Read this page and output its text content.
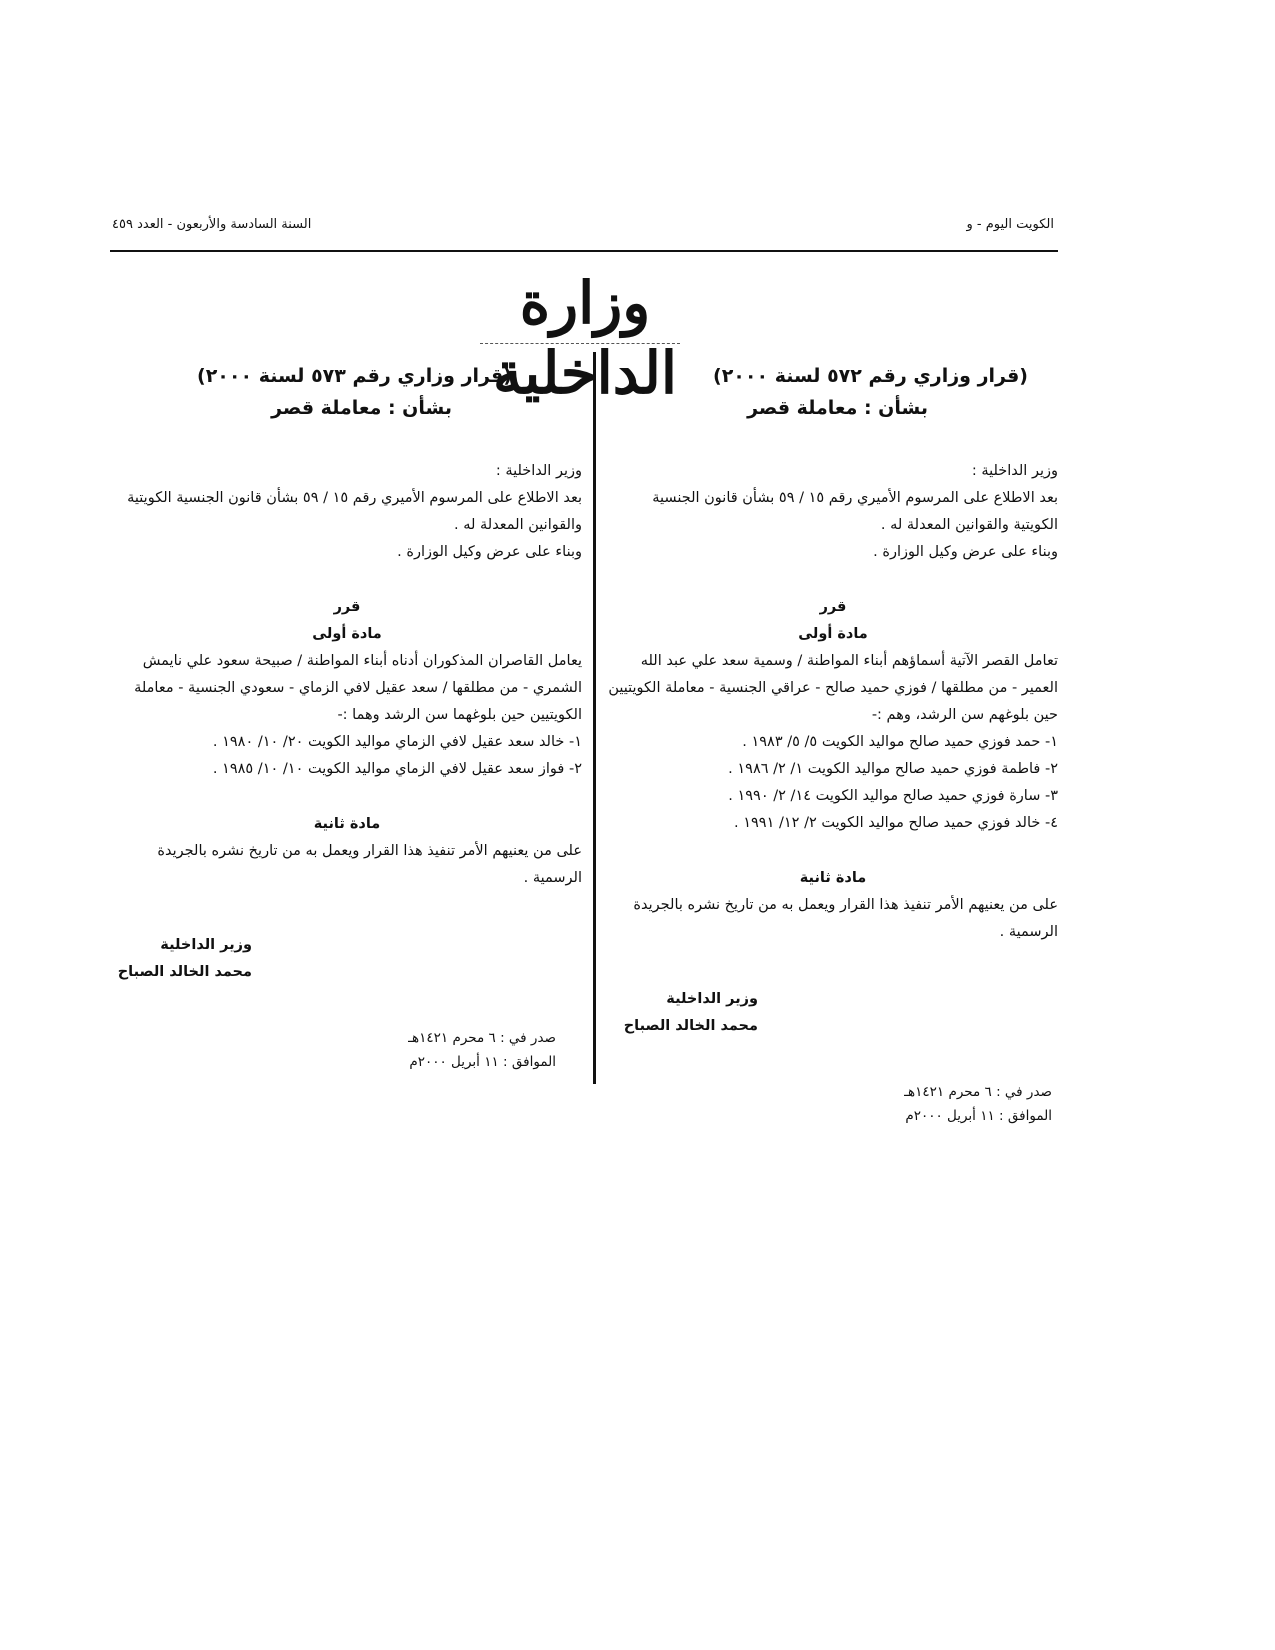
الكويت اليوم - و
السنة السادسة والأربعون - العدد ٤٥٩
وزارة الداخلية	(قرار وزاري رقم ٥٧٢ لسنة ٢٠٠٠)

بشأن : معاملة قصر

وزير الداخلية :

بعد الاطلاع على المرسوم الأميري رقم ١٥ / ٥٩ بشأن قانون الجنسية الكويتية والقوانين المعدلة له .

وبناء على عرض وكيل الوزارة .

قرر

مادة أولى

تعامل القصر الآتية أسماؤهم أبناء المواطنة / وسمية سعد علي عبد الله العمير - من مطلقها / فوزي حميد صالح - عراقي الجنسية - معاملة الكويتيين حين بلوغهم سن الرشد، وهم :-

١- حمد فوزي حميد صالح مواليد الكويت ٥/ ٥/ ١٩٨٣ .

٢- فاطمة فوزي حميد صالح مواليد الكويت ١/ ٢/ ١٩٨٦ .

٣- سارة فوزي حميد صالح مواليد الكويت ١٤/ ٢/ ١٩٩٠ .

٤- خالد فوزي حميد صالح مواليد الكويت ٢/ ١٢/ ١٩٩١ .

مادة ثانية

على من يعنيهم الأمر تنفيذ هذا القرار ويعمل به من تاريخ نشره بالجريدة الرسمية .

وزير الداخلية

محمد الخالد الصباح

صدر في : ٦ محرم ١٤٢١هـ

الموافق : ١١ أبريل ٢٠٠٠م

(قرار وزاري رقم ٥٧٣ لسنة ٢٠٠٠)

بشأن : معاملة قصر

وزير الداخلية :

بعد الاطلاع على المرسوم الأميري رقم ١٥ / ٥٩ بشأن قانون الجنسية الكويتية والقوانين المعدلة له .

وبناء على عرض وكيل الوزارة .

قرر

مادة أولى

يعامل القاصران المذكوران أدناه أبناء المواطنة / صبيحة سعود علي نايمش الشمري - من مطلقها / سعد عقيل لافي الزماي - سعودي الجنسية - معاملة الكويتيين حين بلوغهما سن الرشد وهما :-

١- خالد سعد عقيل لافي الزماي مواليد الكويت ٢٠/ ١٠/ ١٩٨٠ .

٢- فواز سعد عقيل لافي الزماي مواليد الكويت ١٠/ ١٠/ ١٩٨٥ .

مادة ثانية

على من يعنيهم الأمر تنفيذ هذا القرار ويعمل به من تاريخ نشره بالجريدة الرسمية .

وزير الداخلية

محمد الخالد الصباح

صدر في : ٦ محرم ١٤٢١هـ

الموافق : ١١ أبريل ٢٠٠٠م
